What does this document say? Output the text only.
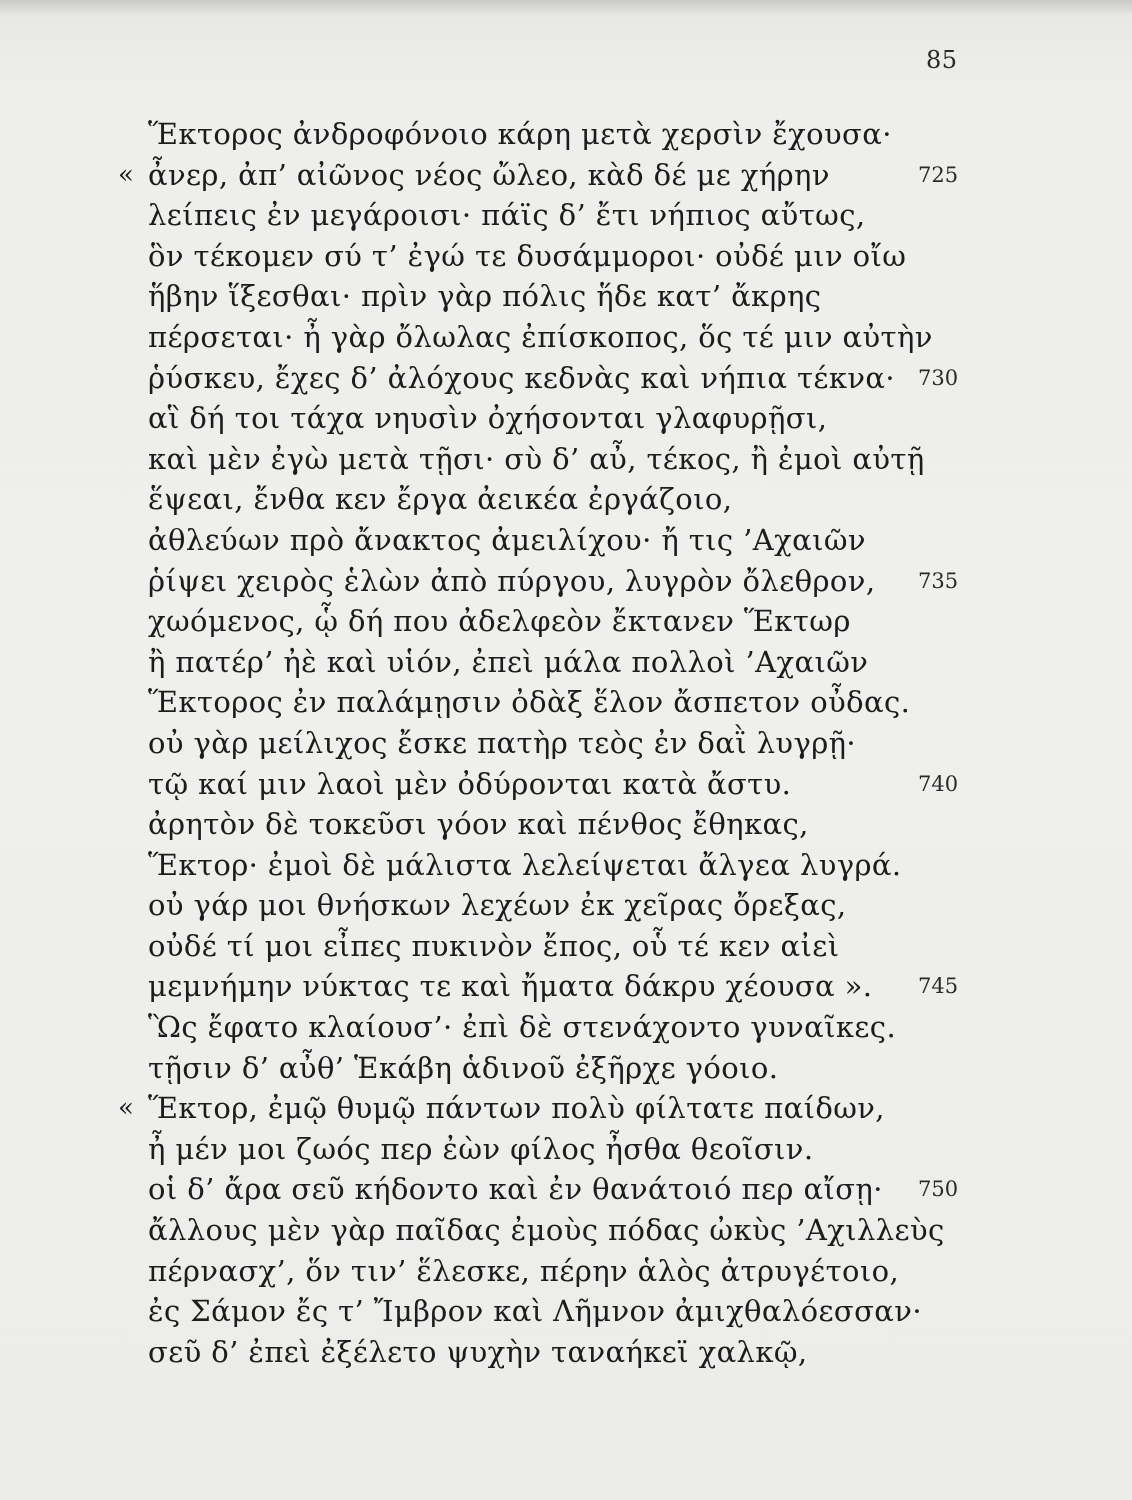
85
Ἕκτορος ἀνδροφόνοιο κάρη μετὰ χερσὶν ἔχουσα·
« ἆνερ, ἀπ’ αἰῶνος νέος ὤλεο, κὰδ δέ με χήρην	725
λείπεις ἐν μεγάροισι· πάϊς δ’ ἔτι νήπιος αὔτως,
ὃν τέκομεν σύ τ’ ἐγώ τε δυσάμμοροι· οὐδέ μιν οἴω
ἥβην ἵξεσθαι· πρὶν γὰρ πόλις ἥδε κατ’ ἄκρης
πέρσεται· ἦ γὰρ ὄλωλας ἐπίσκοπος, ὅς τέ μιν αὐτὴν
ῥύσκευ, ἔχες δ’ ἀλόχους κεδνὰς καὶ νήπια τέκνα· 730
αἳ δή τοι τάχα νηυσὶν ὀχήσονται γλαφυρῇσι,
καὶ μὲν ἐγὼ μετὰ τῇσι· σὺ δ’ αὖ, τέκος, ἢ ἐμοὶ αὐτῇ
ἕψεαι, ἔνθα κεν ἔργα ἀεικέα ἐργάζοιο,
ἀθλεύων πρὸ ἄνακτος ἀμειλίχου· ἤ τις ’Αχαιῶν
ῥίψει χειρὸς ἑλὼν ἀπὸ πύργου, λυγρὸν ὄλεθρον, 735
χωόμενος, ᾧ δή που ἀδελφεὸν ἔκτανεν Ἕκτωρ
ἢ πατέρ’ ἠὲ καὶ υἱόν, ἐπεὶ μάλα πολλοὶ ’Αχαιῶν
Ἕκτορος ἐν παλάμῃσιν ὀδὰξ ἕλον ἄσπετον οὖδας.
οὐ γὰρ μείλιχος ἔσκε πατὴρ τεὸς ἐν δαῒ λυγρῇ·
τῷ καί μιν λαοὶ μὲν ὀδύρονται κατὰ ἄστυ.	740
ἀρητὸν δὲ τοκεῦσι γόον καὶ πένθος ἔθηκας,
Ἕκτορ· ἐμοὶ δὲ μάλιστα λελείψεται ἄλγεα λυγρά.
οὐ γάρ μοι θνήσκων λεχέων ἐκ χεῖρας ὄρεξας,
οὐδέ τί μοι εἶπες πυκινὸν ἔπος, οὗ τέ κεν αἰεὶ
μεμνήμην νύκτας τε καὶ ἤματα δάκρυ χέουσα ». 745
Ὣς ἔφατο κλαίουσ’· ἐπὶ δὲ στενάχοντο γυναῖκες.
τῇσιν δ’ αὖθ’ Ἑκάβη ἁδινοῦ ἐξῆρχε γόοιο.
« Ἕκτορ, ἐμῷ θυμῷ πάντων πολὺ φίλτατε παίδων,
ἦ μέν μοι ζωός περ ἐὼν φίλος ἦσθα θεοῖσιν.
οἱ δ’ ἄρα σεῦ κήδοντο καὶ ἐν θανάτοιό περ αἴσῃ· 750
ἄλλους μὲν γὰρ παῖδας ἐμοὺς πόδας ὠκὺς ’Αχιλλεὺς
πέρνασχ’, ὅν τιν’ ἕλεσκε, πέρην ἁλὸς ἀτρυγέτοιο,
ἐς Σάμον ἔς τ’ Ἴμβρον καὶ Λῆμνον ἀμιχθαλόεσσαν·
σεῦ δ’ ἐπεὶ ἐξέλετο ψυχὴν ταναήκεϊ χαλκῷ,
